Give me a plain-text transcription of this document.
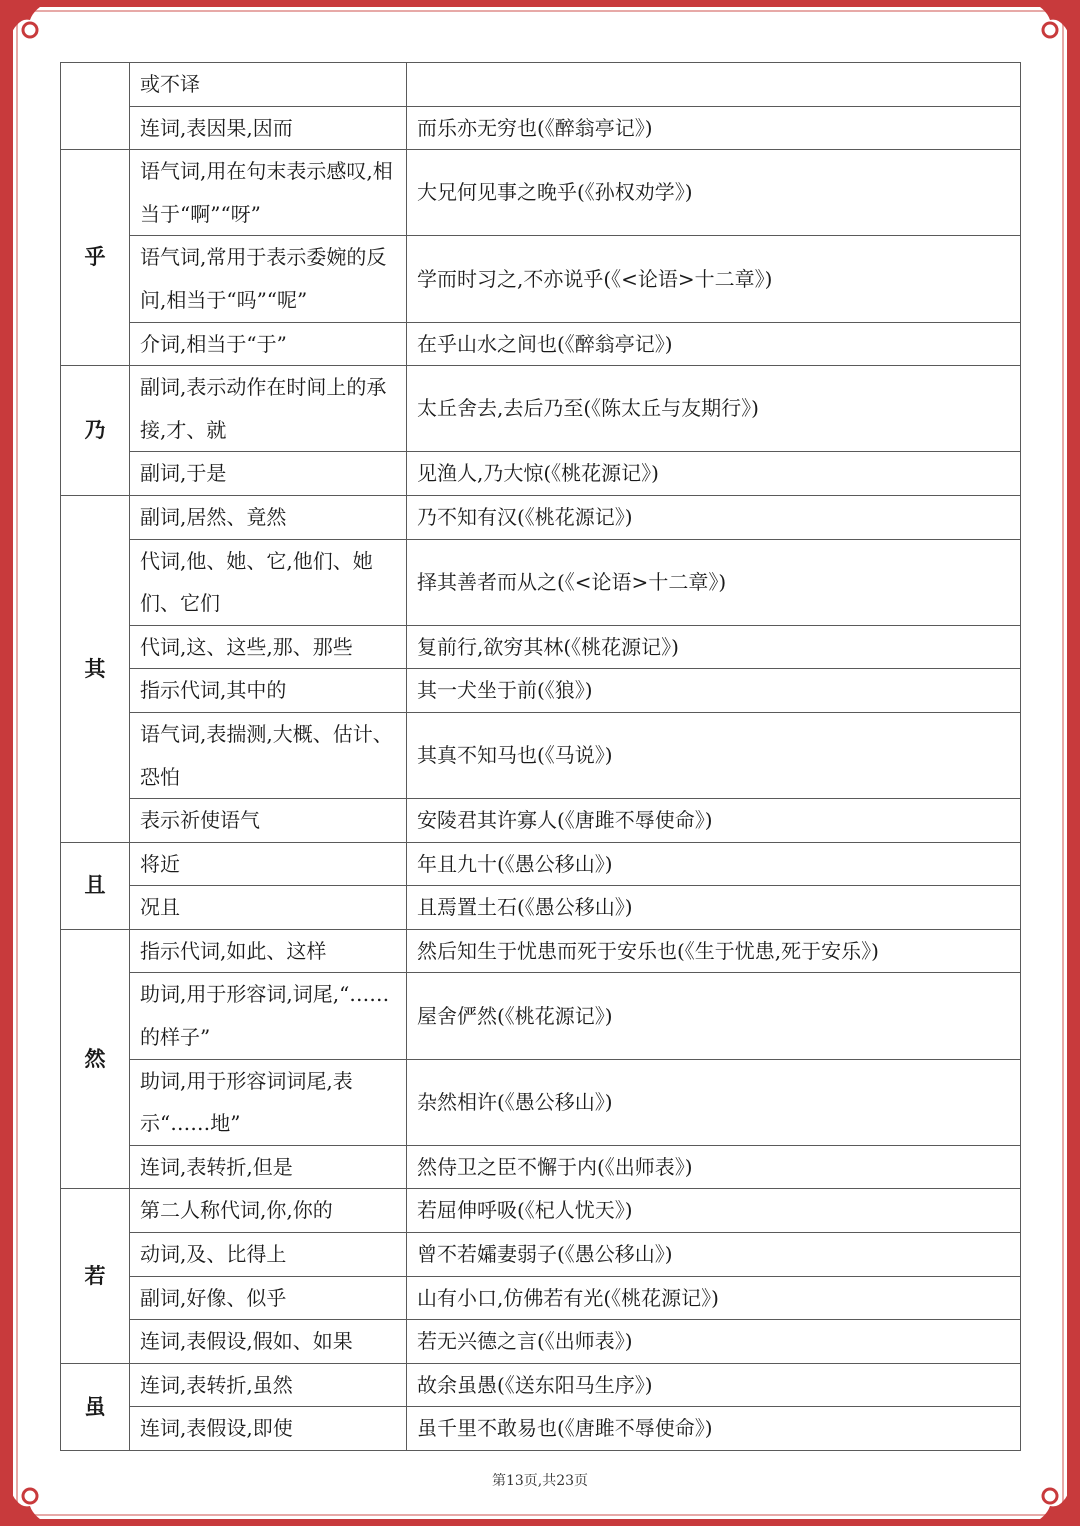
	或不译	
	连词,表因果,因而	而乐亦无穷也(《醉翁亭记》)
乎	语气词,用在句末表示感叹,相当于“啊”“呀”	大兄何见事之晚乎(《孙权劝学》)
	语气词,常用于表示委婉的反问,相当于“吗”“呢”	学而时习之,不亦说乎(《<论语>十二章》)
	介词,相当于“于”	在乎山水之间也(《醉翁亭记》)
乃	副词,表示动作在时间上的承接,才、就	太丘舍去,去后乃至(《陈太丘与友期行》)
	副词,于是	见渔人,乃大惊(《桃花源记》)
其	副词,居然、竟然	乃不知有汉(《桃花源记》)
	代词,他、她、它,他们、她们、它们	择其善者而从之(《<论语>十二章》)
	代词,这、这些,那、那些	复前行,欲穷其林(《桃花源记》)
	指示代词,其中的	其一犬坐于前(《狼》)
	语气词,表揣测,大概、估计、恐怕	其真不知马也(《马说》)
	表示祈使语气	安陵君其许寡人(《唐雎不辱使命》)
且	将近	年且九十(《愚公移山》)
	况且	且焉置土石(《愚公移山》)
然	指示代词,如此、这样	然后知生于忧患而死于安乐也(《生于忧患,死于安乐》)
	助词,用于形容词,词尾,“……的样子”	屋舍俨然(《桃花源记》)
	助词,用于形容词词尾,表示“……地”	杂然相许(《愚公移山》)
	连词,表转折,但是	然侍卫之臣不懈于内(《出师表》)
若	第二人称代词,你,你的	若屈伸呼吸(《杞人忧天》)
	动词,及、比得上	曾不若孀妻弱子(《愚公移山》)
	副词,好像、似乎	山有小口,仿佛若有光(《桃花源记》)
	连词,表假设,假如、如果	若无兴德之言(《出师表》)
虽	连词,表转折,虽然	故余虽愚(《送东阳马生序》)
	连词,表假设,即使	虽千里不敢易也(《唐雎不辱使命》)
第13页,共23页
